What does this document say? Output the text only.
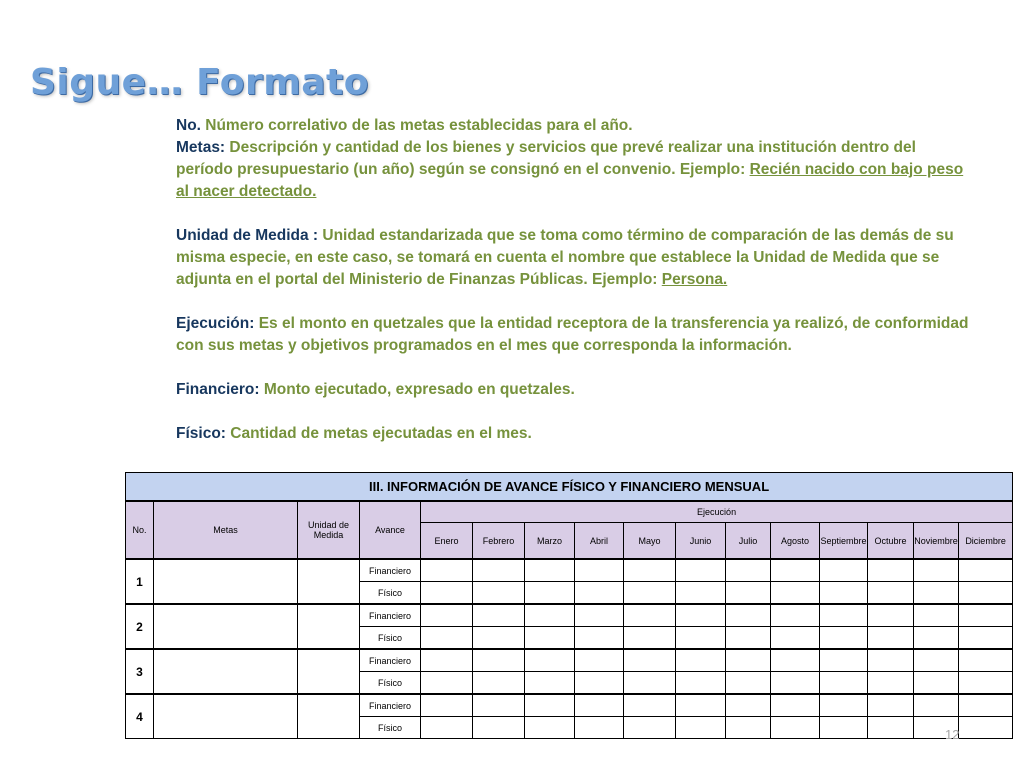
Sigue… Formato

No. Número correlativo de las metas establecidas para el año.
Metas: Descripción y cantidad de los bienes y servicios que prevé realizar una institución dentro del período presupuestario (un año) según se consignó en el convenio. Ejemplo: Recién nacido con bajo peso al nacer detectado.

Unidad de Medida : Unidad estandarizada que se toma como término de comparación de las demás de su misma especie, en este caso, se tomará en cuenta el nombre que establece la Unidad de Medida que se adjunta en el portal del Ministerio de Finanzas Públicas. Ejemplo: Persona.

Ejecución: Es el monto en quetzales que la entidad receptora de la transferencia ya realizó, de conformidad con sus metas y objetivos programados en el mes que corresponda la información.

Financiero: Monto ejecutado, expresado en quetzales.

Físico: Cantidad de metas ejecutadas en el mes.

III. INFORMACIÓN DE AVANCE FÍSICO Y FINANCIERO MENSUAL															
No.	Metas	Unidad de Medida	Avance	Ejecución											
				Enero	Febrero	Marzo	Abril	Mayo	Junio	Julio	Agosto	Septiembre	Octubre	Noviembre	Diciembre
1			Financiero												
			Físico												
2			Financiero												
			Físico												
3			Financiero												
			Físico												
4			Financiero												
			Físico													12
